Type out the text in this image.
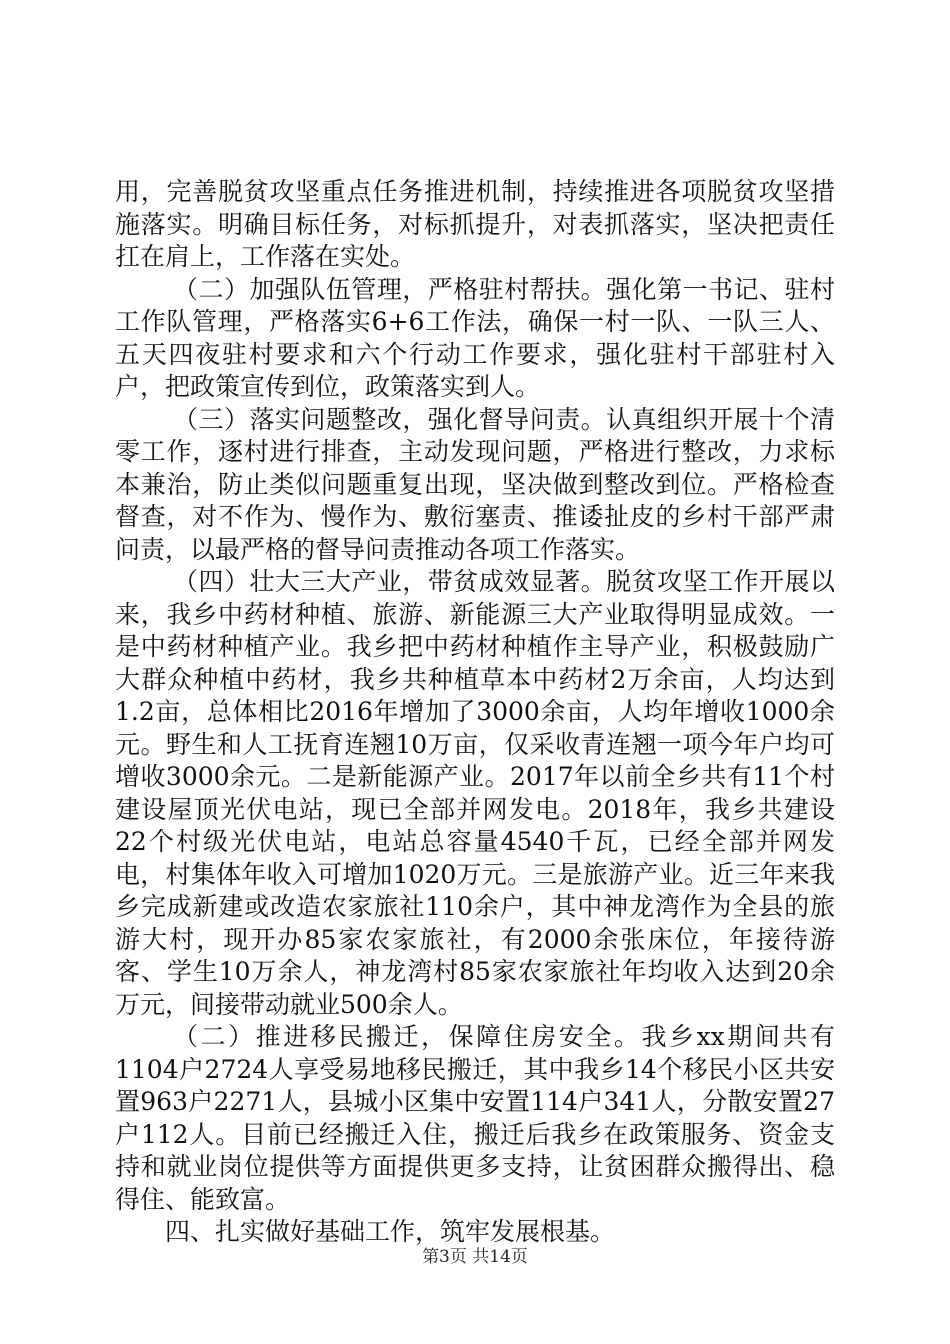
用，完善脱贫攻坚重点任务推进机制，持续推进各项脱贫攻坚措施落实。明确目标任务，对标抓提升，对表抓落实，坚决把责任扛在肩上，工作落在实处。

（二）加强队伍管理，严格驻村帮扶。强化第一书记、驻村工作队管理，严格落实6+6工作法，确保一村一队、一队三人、五天四夜驻村要求和六个行动工作要求，强化驻村干部驻村入户，把政策宣传到位，政策落实到人。

（三）落实问题整改，强化督导问责。认真组织开展十个清零工作，逐村进行排查，主动发现问题，严格进行整改，力求标本兼治，防止类似问题重复出现，坚决做到整改到位。严格检查督查，对不作为、慢作为、敷衍塞责、推诿扯皮的乡村干部严肃问责，以最严格的督导问责推动各项工作落实。

（四）壮大三大产业，带贫成效显著。脱贫攻坚工作开展以来，我乡中药材种植、旅游、新能源三大产业取得明显成效。一是中药材种植产业。我乡把中药材种植作主导产业，积极鼓励广大群众种植中药材，我乡共种植草本中药材2万余亩，人均达到1.2亩，总体相比2016年增加了3000余亩，人均年增收1000余元。野生和人工抚育连翘10万亩，仅采收青连翘一项今年户均可增收3000余元。二是新能源产业。2017年以前全乡共有11个村建设屋顶光伏电站，现已全部并网发电。2018年，我乡共建设22个村级光伏电站，电站总容量4540千瓦，已经全部并网发电，村集体年收入可增加1020万元。三是旅游产业。近三年来我乡完成新建或改造农家旅社110余户，其中神龙湾作为全县的旅游大村，现开办85家农家旅社，有2000余张床位，年接待游客、学生10万余人，神龙湾村85家农家旅社年均收入达到20余万元，间接带动就业500余人。

（二）推进移民搬迁，保障住房安全。我乡xx期间共有1104户2724人享受易地移民搬迁，其中我乡14个移民小区共安置963户2271人，县城小区集中安置114户341人，分散安置27户112人。目前已经搬迁入住，搬迁后我乡在政策服务、资金支持和就业岗位提供等方面提供更多支持，让贫困群众搬得出、稳得住、能致富。

四、扎实做好基础工作，筑牢发展根基。

第3页 共14页
